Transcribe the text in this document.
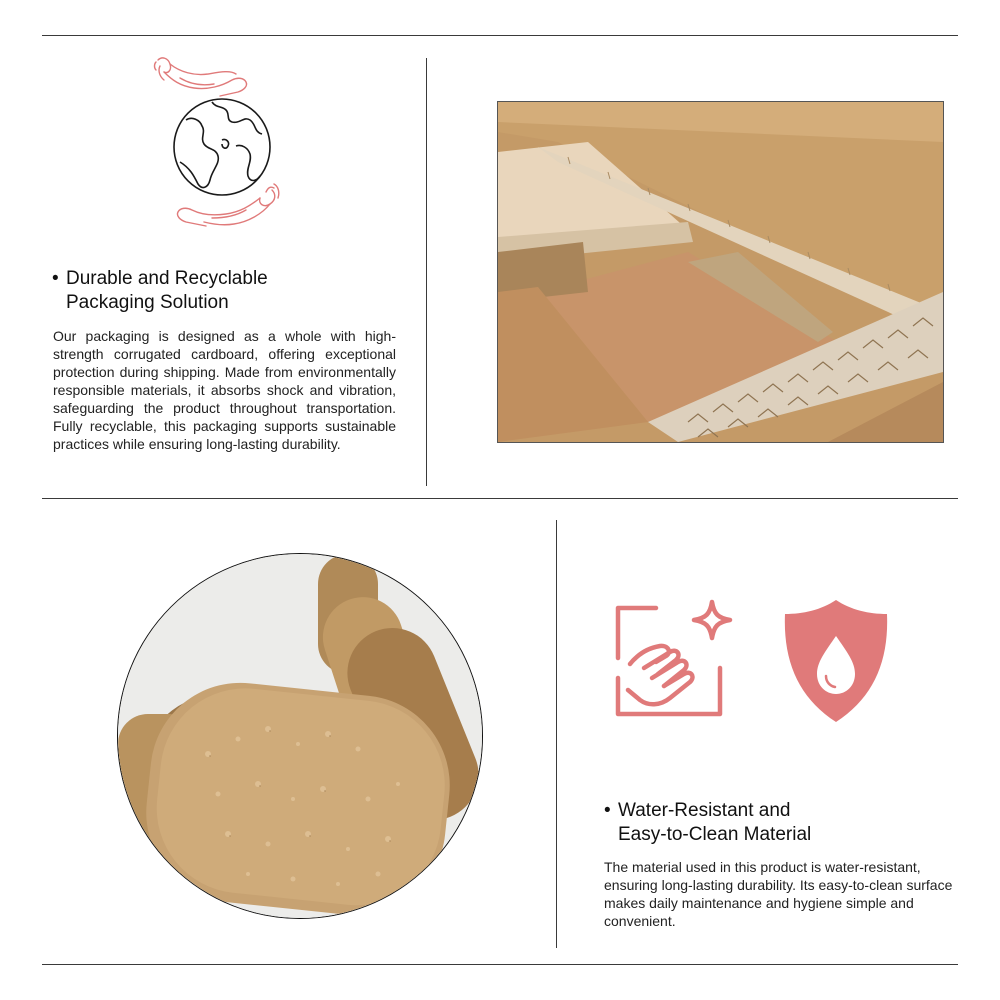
• Durable and Recyclable
Packaging Solution

Our packaging is designed as a whole with high-strength corrugated cardboard, offering exceptional protection during shipping. Made from environmentally responsible materials, it absorbs shock and vibration, safeguarding the product throughout transportation. Fully recyclable, this packaging supports sustainable practices while ensuring long-lasting durability.

• Water-Resistant and
Easy-to-Clean Material

The material used in this product is water-resistant, ensuring long-lasting durability. Its easy-to-clean surface makes daily maintenance and hygiene simple and convenient.
